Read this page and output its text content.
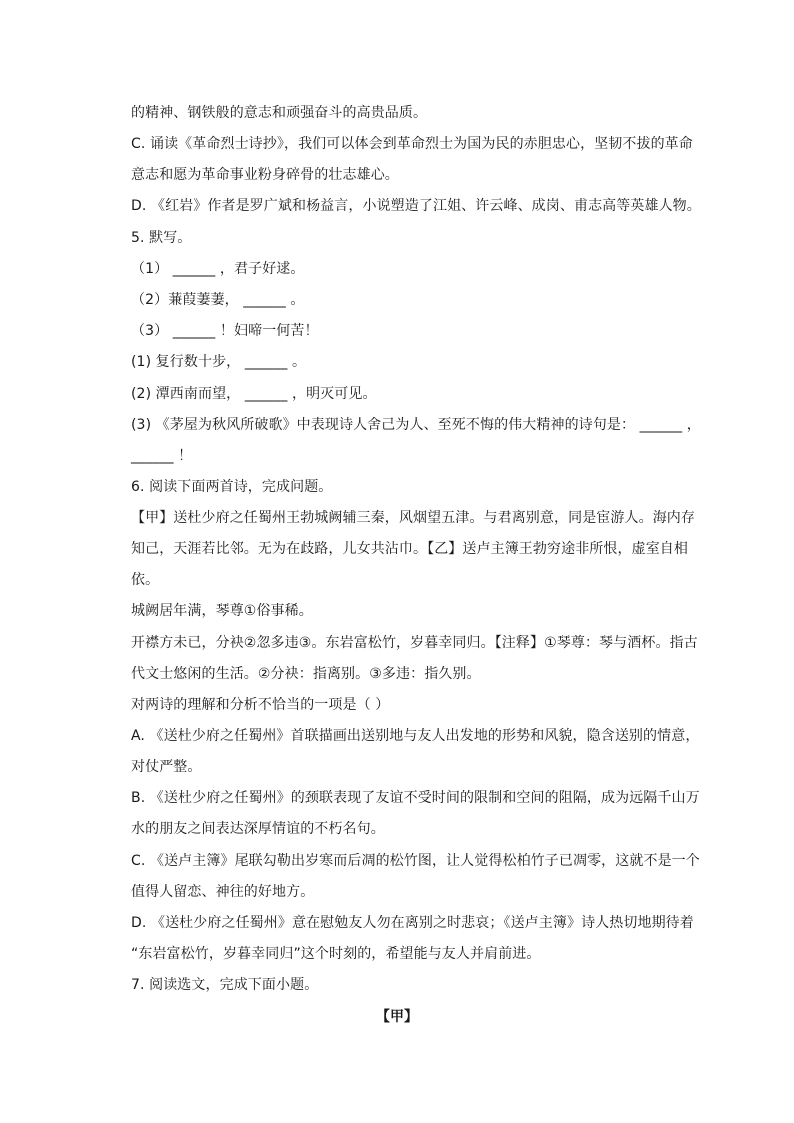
的精神、钢铁般的意志和顽强奋斗的高贵品质。
C. 诵读《革命烈士诗抄》，我们可以体会到革命烈士为国为民的赤胆忠心，坚韧不拔的革命
意志和愿为革命事业粉身碎骨的壮志雄心。
D. 《红岩》作者是罗广斌和杨益言，小说塑造了江姐、许云峰、成岗、甫志高等英雄人物。
5. 默写。
（1） ______ ，君子好逑。
（2）蒹葭萋萋， ______ 。
（3） ______ ！妇啼一何苦！
(1) 复行数十步， ______ 。
(2) 潭西南而望， ______ ，明灭可见。
(3) 《茅屋为秋风所破歌》中表现诗人舍己为人、至死不悔的伟大精神的诗句是： ______ ，
______ ！
6. 阅读下面两首诗，完成问题。
【甲】送杜少府之任蜀州王勃城阙辅三秦，风烟望五津。与君离别意，同是宦游人。海内存
知己，天涯若比邻。无为在歧路，儿女共沾巾。【乙】送卢主簿王勃穷途非所恨，虚室自相
依。
城阙居年满，琴尊①俗事稀。
开襟方未已，分袂②忽多违③。东岩富松竹，岁暮幸同归。【注释】①琴尊：琴与酒杯。指古
代文士悠闲的生活。②分袂：指离别。③多违：指久别。
对两诗的理解和分析不恰当的一项是（ ）
A. 《送杜少府之任蜀州》首联描画出送别地与友人出发地的形势和风貌，隐含送别的情意，
对仗严整。
B. 《送杜少府之任蜀州》的颈联表现了友谊不受时间的限制和空间的阻隔，成为远隔千山万
水的朋友之间表达深厚情谊的不朽名句。
C. 《送卢主簿》尾联勾勒出岁寒而后凋的松竹图，让人觉得松柏竹子已凋零，这就不是一个
值得人留恋、神往的好地方。
D. 《送杜少府之任蜀州》意在慰勉友人勿在离别之时悲哀；《送卢主簿》诗人热切地期待着
“东岩富松竹，岁暮幸同归”这个时刻的，希望能与友人并肩前进。
7. 阅读选文，完成下面小题。
【甲】
